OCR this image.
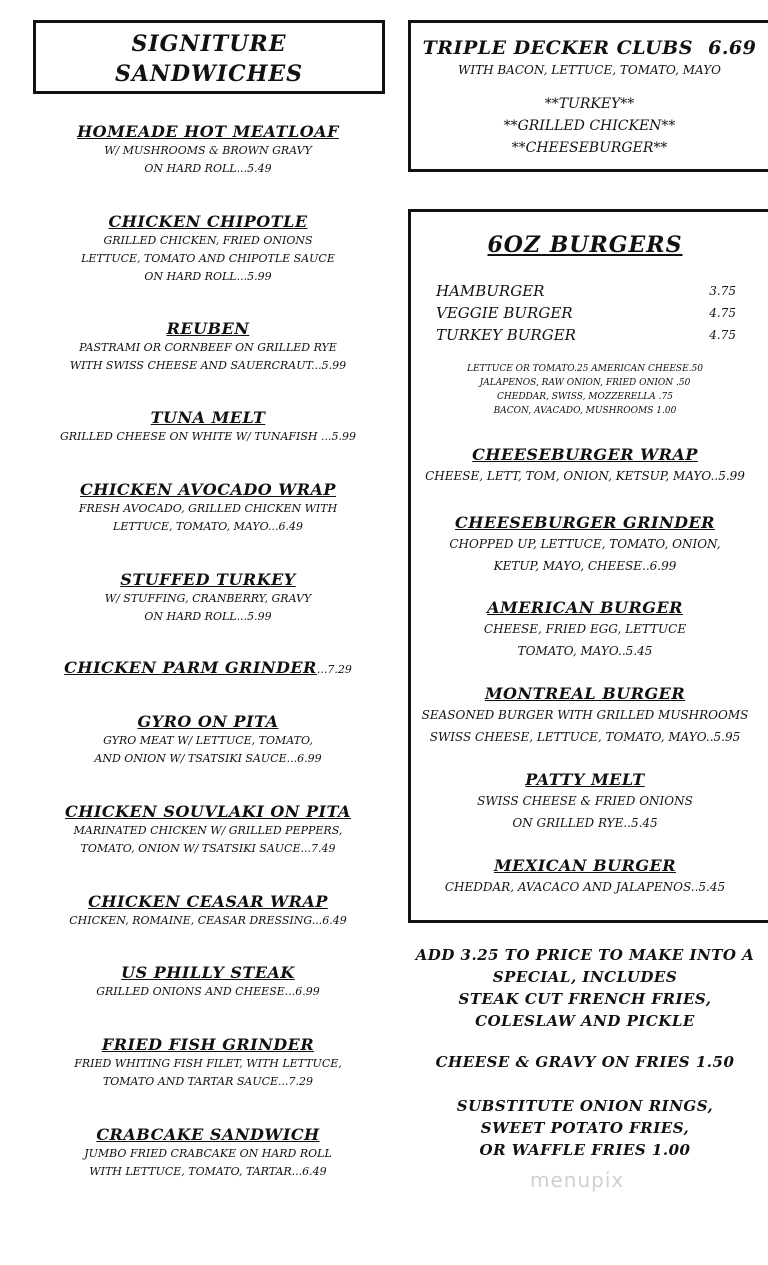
SIGNITURE
SANDWICHES
HOMEADE HOT MEATLOAF
W/ MUSHROOMS & BROWN GRAVY
ON HARD ROLL...5.49
CHICKEN CHIPOTLE
GRILLED CHICKEN, FRIED ONIONS
LETTUCE, TOMATO AND CHIPOTLE SAUCE
ON HARD ROLL...5.99
REUBEN
PASTRAMI OR CORNBEEF ON GRILLED RYE
WITH SWISS CHEESE AND SAUERCRAUT...5.99
TUNA MELT
GRILLED CHEESE ON WHITE W/ TUNAFISH ...5.99
CHICKEN AVOCADO WRAP
FRESH AVOCADO, GRILLED CHICKEN WITH
LETTUCE, TOMATO, MAYO...6.49
STUFFED TURKEY
W/ STUFFING, CRANBERRY, GRAVY
ON HARD ROLL...5.99
CHICKEN PARM GRINDER...7.29
GYRO ON PITA
GYRO MEAT W/ LETTUCE, TOMATO,
AND ONION W/ TSATSIKI SAUCE...6.99
CHICKEN SOUVLAKI ON PITA
MARINATED CHICKEN W/ GRILLED PEPPERS,
TOMATO, ONION W/ TSATSIKI SAUCE...7.49
CHICKEN CEASAR WRAP
CHICKEN, ROMAINE, CEASAR DRESSING...6.49
US PHILLY STEAK
GRILLED ONIONS AND CHEESE...6.99
FRIED FISH GRINDER
FRIED WHITING FISH FILET, WITH LETTUCE,
TOMATO AND TARTAR SAUCE...7.29
CRABCAKE SANDWICH
JUMBO FRIED CRABCAKE ON HARD ROLL
WITH LETTUCE, TOMATO, TARTAR...6.49
TRIPLE DECKER CLUBS 6.69
WITH BACON, LETTUCE, TOMATO, MAYO
**TURKEY**
**GRILLED CHICKEN**
**CHEESEBURGER**
6OZ BURGERS
HAMBURGER	3.75
VEGGIE BURGER	4.75
TURKEY BURGER	4.75
LETTUCE OR TOMATO.25 AMERICAN CHEESE.50
JALAPENOS, RAW ONION, FRIED ONION .50
CHEDDAR, SWISS, MOZZERELLA .75
BACON, AVACADO, MUSHROOMS 1.00
CHEESEBURGER WRAP
CHEESE, LETT, TOM, ONION, KETSUP, MAYO..5.99
CHEESEBURGER GRINDER
CHOPPED UP, LETTUCE, TOMATO, ONION,
KETUP, MAYO, CHEESE..6.99
AMERICAN BURGER
CHEESE, FRIED EGG, LETTUCE
TOMATO, MAYO..5.45
MONTREAL BURGER
SEASONED BURGER WITH GRILLED MUSHROOMS
SWISS CHEESE, LETTUCE, TOMATO, MAYO..5.95
PATTY MELT
SWISS CHEESE & FRIED ONIONS
ON GRILLED RYE..5.45
MEXICAN BURGER
CHEDDAR, AVACACO AND JALAPENOS..5.45
ADD 3.25 TO PRICE TO MAKE INTO A
SPECIAL, INCLUDES
STEAK CUT FRENCH FRIES,
COLESLAW AND PICKLE
CHEESE & GRAVY ON FRIES 1.50
SUBSTITUTE ONION RINGS,
SWEET POTATO FRIES,
OR WAFFLE FRIES 1.00
menupix
